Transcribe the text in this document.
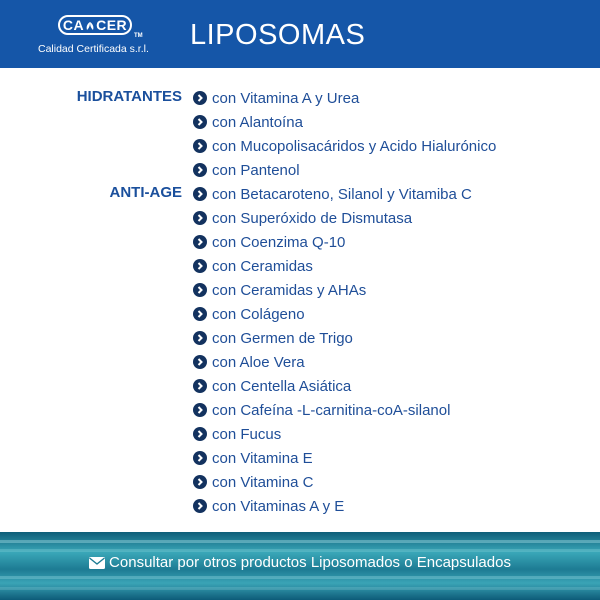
CA CER
TM
Calidad Certificada s.r.l. LIPOSOMAS
HIDRATANTES
ANTI-AGE
con Vitamina A y Urea
con Alantoína
con Mucopolisacáridos y Acido Hialurónico
con Pantenol
con Betacaroteno, Silanol y Vitamiba C
con Superóxido de Dismutasa
con Coenzima Q-10
con Ceramidas
con Ceramidas y AHAs
con Colágeno
con Germen de Trigo
con Aloe Vera
con Centella Asiática
con Cafeína -L-carnitina-coA-silanol
con Fucus
con Vitamina E
con Vitamina C
con Vitaminas A y E
Consultar por otros productos Liposomados o Encapsulados
